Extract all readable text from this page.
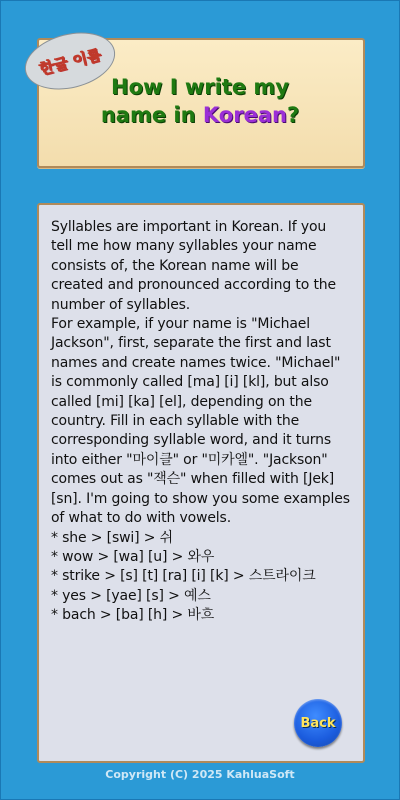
한글 이름
How I write my
name in Korean?

Syllables are important in Korean. If you tell me how many syllables your name consists of, the Korean name will be created and pronounced according to the number of syllables.

For example, if your name is "Michael Jackson", first, separate the first and last names and create names twice. "Michael" is commonly called [ma] [i] [kl], but also called [mi] [ka] [el], depending on the country. Fill in each syllable with the corresponding syllable word, and it turns into either "마이클" or "미카엘". "Jackson" comes out as "잭슨" when filled with [Jek] [sn]. I'm going to show you some examples of what to do with vowels.

* she > [swi] > 쉬
* wow > [wa] [u] > 와우
* strike > [s] [t] [ra] [i] [k] > 스트라이크
* yes > [yae] [s] > 예스
* bach > [ba] [h] > 바흐
Back
Copyright (C) 2025 KahluaSoft
